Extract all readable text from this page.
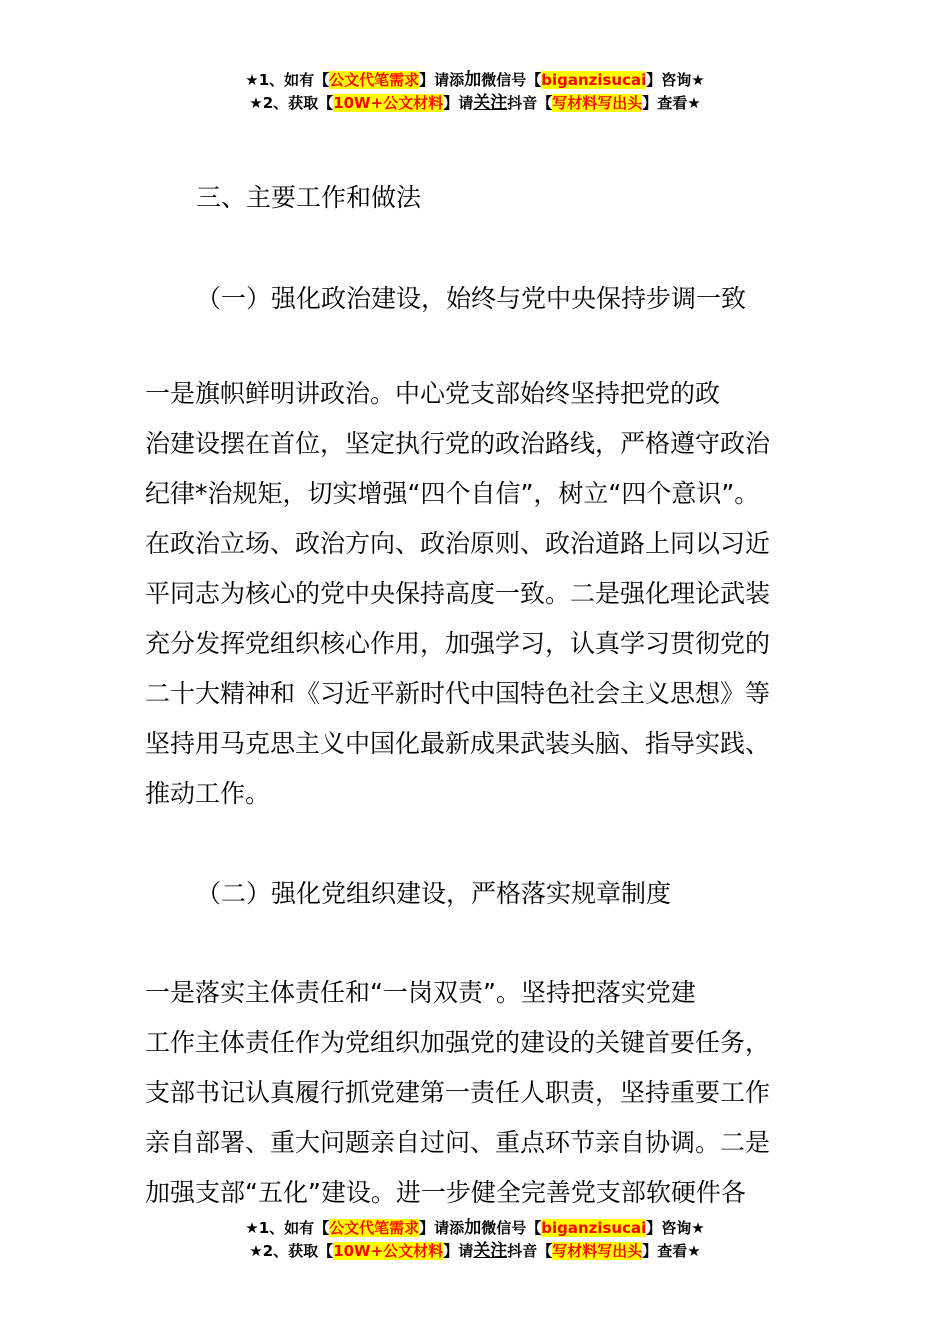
★1、如有【公文代笔需求】请添加微信号【biganzisucai】咨询★
★2、获取【10W+公文材料】请关注抖音【写材料写出头】查看★
三、主要工作和做法
（一）强化政治建设，始终与党中央保持步调一致

一是旗帜鲜明讲政治。中心党支部始终坚持把党的政
治建设摆在首位，坚定执行党的政治路线，严格遵守政治
纪律*治规矩，切实增强“四个自信”，树立“四个意识”。
在政治立场、政治方向、政治原则、政治道路上同以习近
平同志为核心的党中央保持高度一致。二是强化理论武装
充分发挥党组织核心作用，加强学习，认真学习贯彻党的
二十大精神和《习近平新时代中国特色社会主义思想》等
坚持用马克思主义中国化最新成果武装头脑、指导实践、
推动工作。

（二）强化党组织建设，严格落实规章制度

一是落实主体责任和“一岗双责”。坚持把落实党建
工作主体责任作为党组织加强党的建设的关键首要任务，
支部书记认真履行抓党建第一责任人职责，坚持重要工作
亲自部署、重大问题亲自过问、重点环节亲自协调。二是
加强支部“五化”建设。进一步健全完善党支部软硬件各

★1、如有【公文代笔需求】请添加微信号【biganzisucai】咨询★
★2、获取【10W+公文材料】请关注抖音【写材料写出头】查看★
